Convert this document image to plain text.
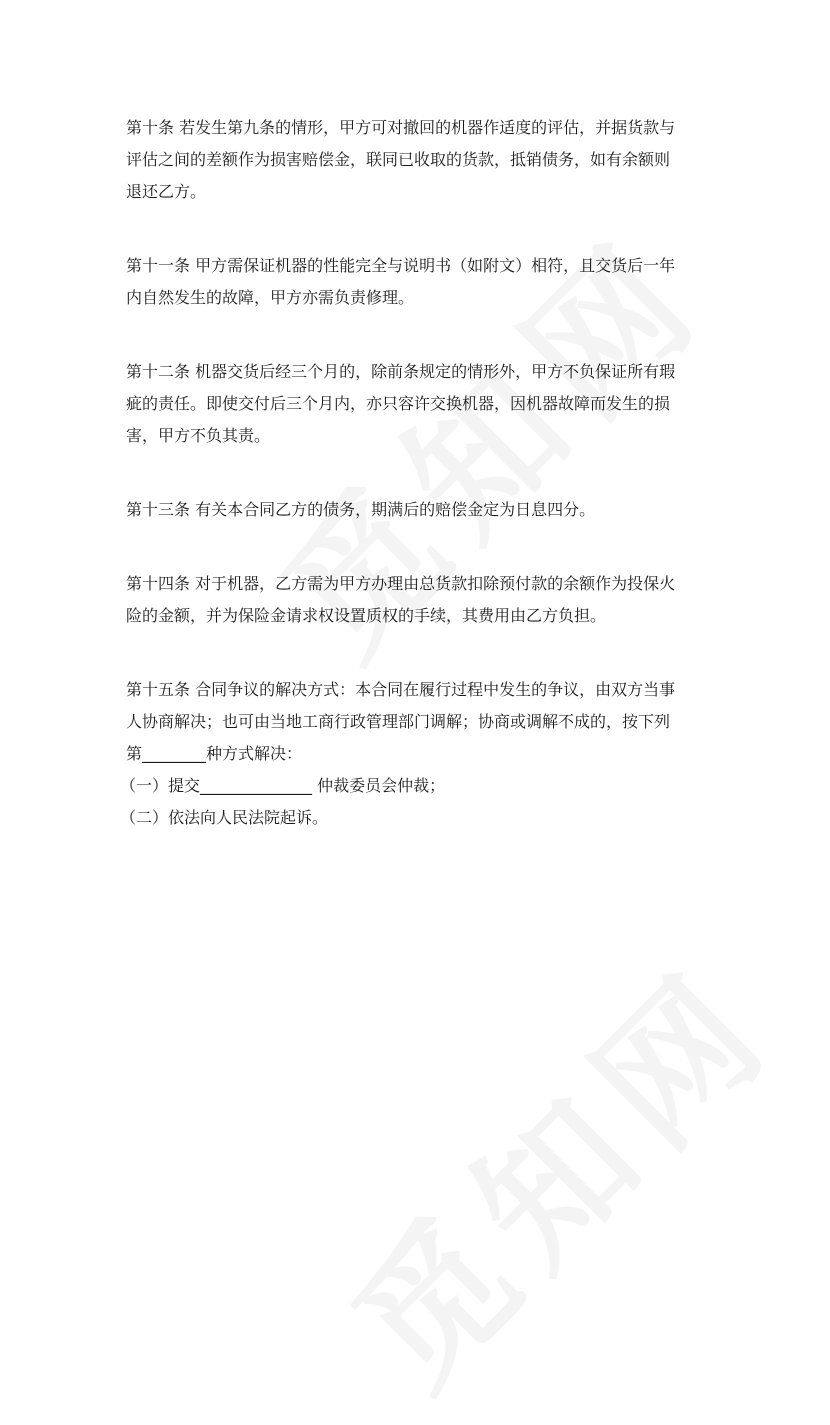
第十条 若发生第九条的情形，甲方可对撤回的机器作适度的评估，并据货款与
评估之间的差额作为损害赔偿金，联同已收取的货款，抵销债务，如有余额则
退还乙方。

第十一条 甲方需保证机器的性能完全与说明书（如附文）相符，且交货后一年
内自然发生的故障，甲方亦需负责修理。

第十二条 机器交货后经三个月的，除前条规定的情形外，甲方不负保证所有瑕
疵的责任。即使交付后三个月内，亦只容许交换机器，因机器故障而发生的损
害，甲方不负其责。

第十三条 有关本合同乙方的债务，期满后的赔偿金定为日息四分。

第十四条 对于机器，乙方需为甲方办理由总货款扣除预付款的余额作为投保火
险的金额，并为保险金请求权设置质权的手续，其费用由乙方负担。

第十五条 合同争议的解决方式：本合同在履行过程中发生的争议，由双方当事
人协商解决；也可由当地工商行政管理部门调解；协商或调解不成的，按下列
第________种方式解决：
（一）提交______________ 仲裁委员会仲裁；
（二）依法向人民法院起诉。
